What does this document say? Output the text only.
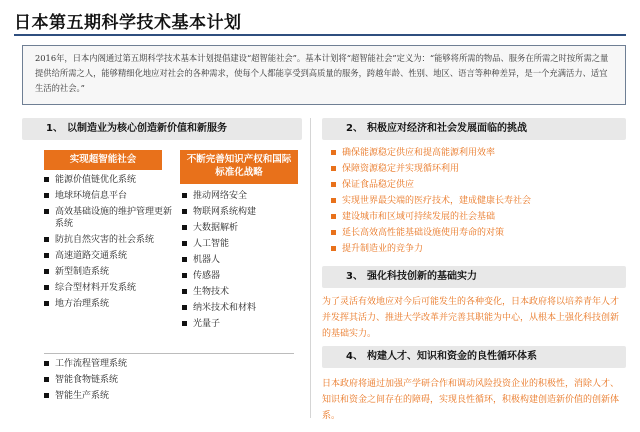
日本第五期科学技术基本计划
2016年，日本内阁通过第五期科学技术基本计划提倡建设“超智能社会”。基本计划将“超智能社会”定义为：“能够将所需的物品、服务在所需之时按所需之量提供给所需之人，能够精细化地应对社会的各种需求，使每个人都能享受到高质量的服务，跨越年龄、性别、地区、语言等种种差异，是一个充满活力、适宜生活的社会。”
1、 以制造业为核心创造新价值和新服务
实现超智能社会
能源价值链优化系统
地球环境信息平台
高效基础设施的维护管理更新系统
防抗自然灾害的社会系统
高速道路交通系统
新型制造系统
综合型材料开发系统
地方治理系统
工作流程管理系统
智能食物链系统
智能生产系统
不断完善知识产权和国际标准化战略
推动网络安全
物联网系统构建
大数据解析
人工智能
机器人
传感器
生物技术
纳米技术和材料
光量子
2、 积极应对经济和社会发展面临的挑战
确保能源稳定供应和提高能源利用效率
保障资源稳定并实现循环利用
保证食品稳定供应
实现世界最尖端的医疗技术，建成健康长寿社会
建设城市和区域可持续发展的社会基础
延长高效高性能基础设施使用寿命的对策
提升制造业的竞争力
3、 强化科技创新的基础实力
为了灵活有效地应对今后可能发生的各种变化，日本政府将以培养青年人才并发挥其活力、推进大学改革并完善其职能为中心，从根本上强化科技创新的基础实力。
4、 构建人才、知识和资金的良性循环体系
日本政府将通过加强产学研合作和调动风险投资企业的积极性，消除人才、知识和资金之间存在的障碍，实现良性循环，积极构建创造新价值的创新体系。
